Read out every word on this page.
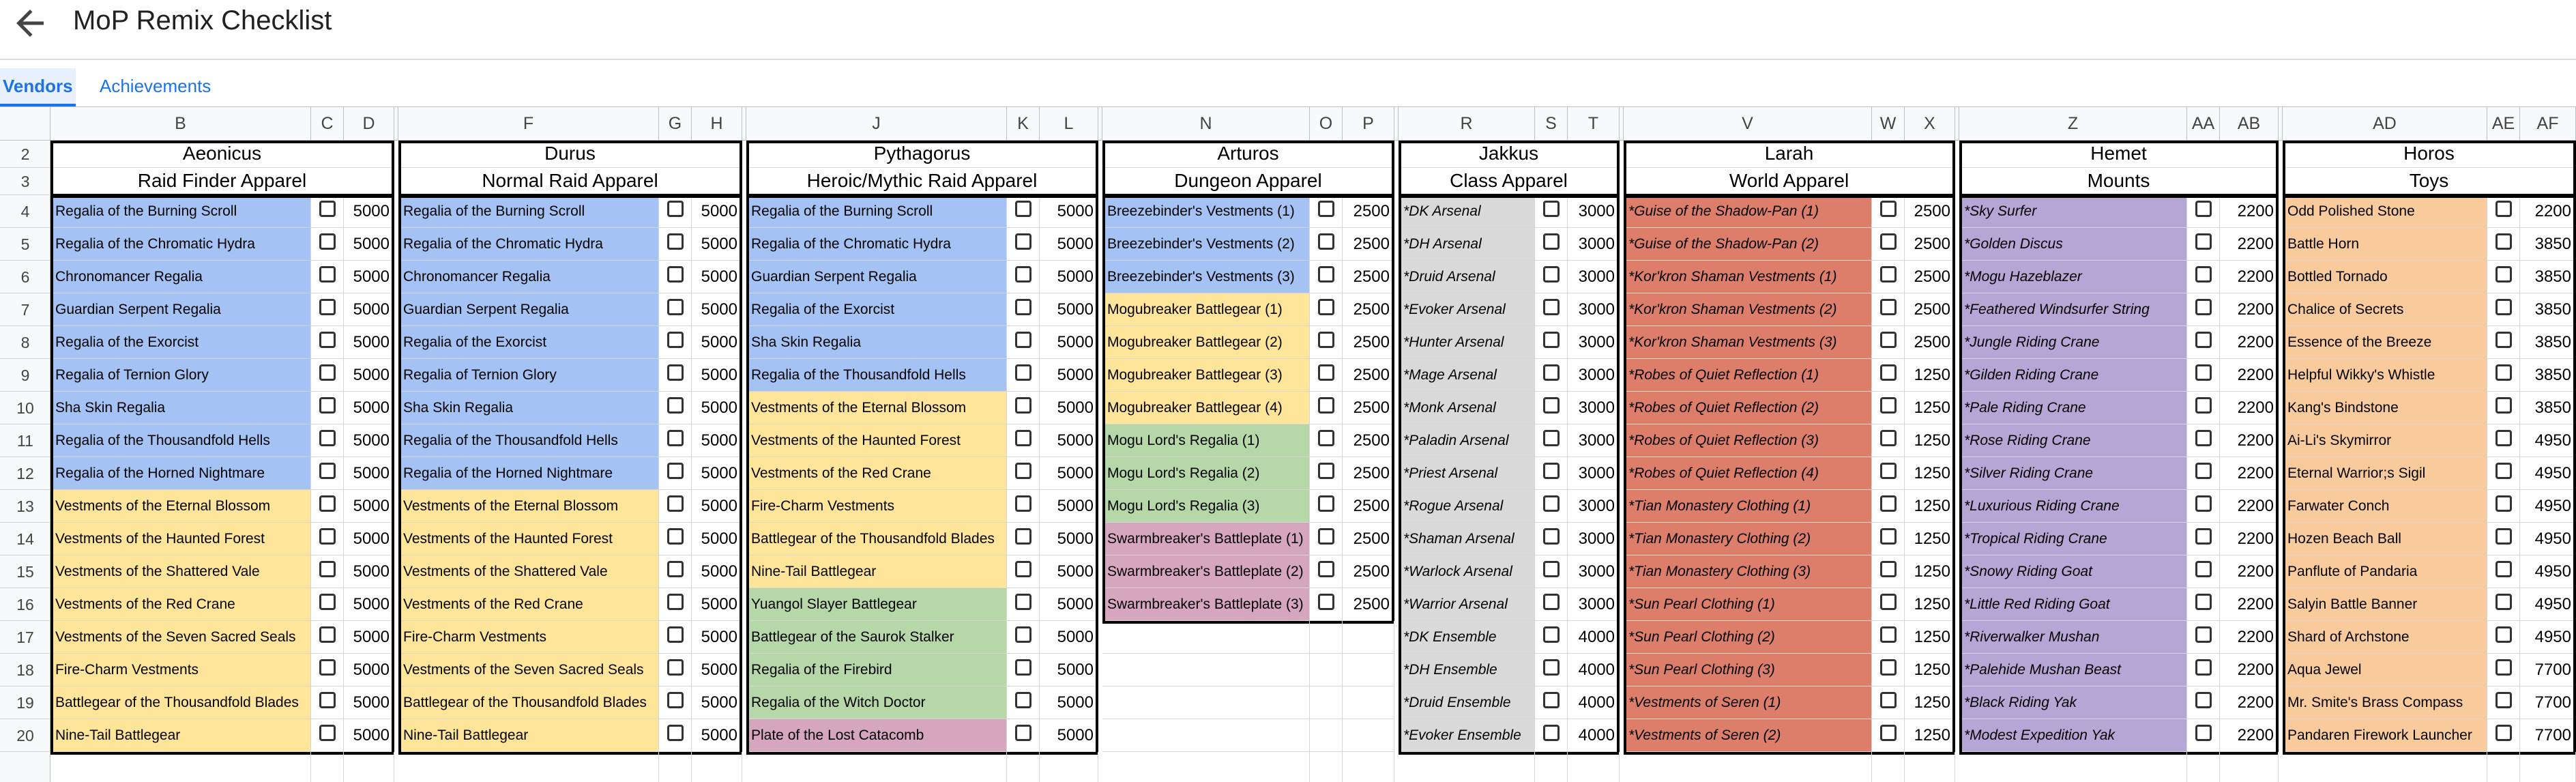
MoP Remix Checklist
Vendors Achievements
B	C	D	F	G	H	J	K	L	N	O	P	R	S	T	V	W	X	Z	AA	AB	AD	AE	AF
2
3
4
5
6
7
8
9
10
11
12
13
14
15
16
17
18
19
20
Aeonicus
Raid Finder Apparel
Regalia of the Burning Scroll	5000
Regalia of the Chromatic Hydra	5000
Chronomancer Regalia	5000
Guardian Serpent Regalia	5000
Regalia of the Exorcist	5000
Regalia of Ternion Glory	5000
Sha Skin Regalia	5000
Regalia of the Thousandfold Hells	5000
Regalia of the Horned Nightmare	5000
Vestments of the Eternal Blossom	5000
Vestments of the Haunted Forest	5000
Vestments of the Shattered Vale	5000
Vestments of the Red Crane	5000
Vestments of the Seven Sacred Seals	5000
Fire-Charm Vestments	5000
Battlegear of the Thousandfold Blades	5000
Nine-Tail Battlegear	5000
Durus
Normal Raid Apparel
Regalia of the Burning Scroll	5000
Regalia of the Chromatic Hydra	5000
Chronomancer Regalia	5000
Guardian Serpent Regalia	5000
Regalia of the Exorcist	5000
Regalia of Ternion Glory	5000
Sha Skin Regalia	5000
Regalia of the Thousandfold Hells	5000
Regalia of the Horned Nightmare	5000
Vestments of the Eternal Blossom	5000
Vestments of the Haunted Forest	5000
Vestments of the Shattered Vale	5000
Vestments of the Red Crane	5000
Fire-Charm Vestments	5000
Vestments of the Seven Sacred Seals	5000
Battlegear of the Thousandfold Blades	5000
Nine-Tail Battlegear	5000
Pythagorus
Heroic/Mythic Raid Apparel
Regalia of the Burning Scroll	5000
Regalia of the Chromatic Hydra	5000
Guardian Serpent Regalia	5000
Regalia of the Exorcist	5000
Sha Skin Regalia	5000
Regalia of the Thousandfold Hells	5000
Vestments of the Eternal Blossom	5000
Vestments of the Haunted Forest	5000
Vestments of the Red Crane	5000
Fire-Charm Vestments	5000
Battlegear of the Thousandfold Blades	5000
Nine-Tail Battlegear	5000
Yuangol Slayer Battlegear	5000
Battlegear of the Saurok Stalker	5000
Regalia of the Firebird	5000
Regalia of the Witch Doctor	5000
Plate of the Lost Catacomb	5000
Arturos
Dungeon Apparel
Breezebinder's Vestments (1)	2500
Breezebinder's Vestments (2)	2500
Breezebinder's Vestments (3)	2500
Mogubreaker Battlegear (1)	2500
Mogubreaker Battlegear (2)	2500
Mogubreaker Battlegear (3)	2500
Mogubreaker Battlegear (4)	2500
Mogu Lord's Regalia (1)	2500
Mogu Lord's Regalia (2)	2500
Mogu Lord's Regalia (3)	2500
Swarmbreaker's Battleplate (1)	2500
Swarmbreaker's Battleplate (2)	2500
Swarmbreaker's Battleplate (3)	2500
Jakkus
Class Apparel
*DK Arsenal	3000
*DH Arsenal	3000
*Druid Arsenal	3000
*Evoker Arsenal	3000
*Hunter Arsenal	3000
*Mage Arsenal	3000
*Monk Arsenal	3000
*Paladin Arsenal	3000
*Priest Arsenal	3000
*Rogue Arsenal	3000
*Shaman Arsenal	3000
*Warlock Arsenal	3000
*Warrior Arsenal	3000
*DK Ensemble	4000
*DH Ensemble	4000
*Druid Ensemble	4000
*Evoker Ensemble	4000
Larah
World Apparel
*Guise of the Shadow-Pan (1)	2500
*Guise of the Shadow-Pan (2)	2500
*Kor'kron Shaman Vestments (1)	2500
*Kor'kron Shaman Vestments (2)	2500
*Kor'kron Shaman Vestments (3)	2500
*Robes of Quiet Reflection (1)	1250
*Robes of Quiet Reflection (2)	1250
*Robes of Quiet Reflection (3)	1250
*Robes of Quiet Reflection (4)	1250
*Tian Monastery Clothing (1)	1250
*Tian Monastery Clothing (2)	1250
*Tian Monastery Clothing (3)	1250
*Sun Pearl Clothing (1)	1250
*Sun Pearl Clothing (2)	1250
*Sun Pearl Clothing (3)	1250
*Vestments of Seren (1)	1250
*Vestments of Seren (2)	1250
Hemet
Mounts
*Sky Surfer	2200
*Golden Discus	2200
*Mogu Hazeblazer	2200
*Feathered Windsurfer String	2200
*Jungle Riding Crane	2200
*Gilden Riding Crane	2200
*Pale Riding Crane	2200
*Rose Riding Crane	2200
*Silver Riding Crane	2200
*Luxurious Riding Crane	2200
*Tropical Riding Crane	2200
*Snowy Riding Goat	2200
*Little Red Riding Goat	2200
*Riverwalker Mushan	2200
*Palehide Mushan Beast	2200
*Black Riding Yak	2200
*Modest Expedition Yak	2200
Horos
Toys
Odd Polished Stone	2200
Battle Horn	3850
Bottled Tornado	3850
Chalice of Secrets	3850
Essence of the Breeze	3850
Helpful Wikky's Whistle	3850
Kang's Bindstone	3850
Ai-Li's Skymirror	4950
Eternal Warrior;s Sigil	4950
Farwater Conch	4950
Hozen Beach Ball	4950
Panflute of Pandaria	4950
Salyin Battle Banner	4950
Shard of Archstone	4950
Aqua Jewel	7700
Mr. Smite's Brass Compass	7700
Pandaren Firework Launcher	7700
